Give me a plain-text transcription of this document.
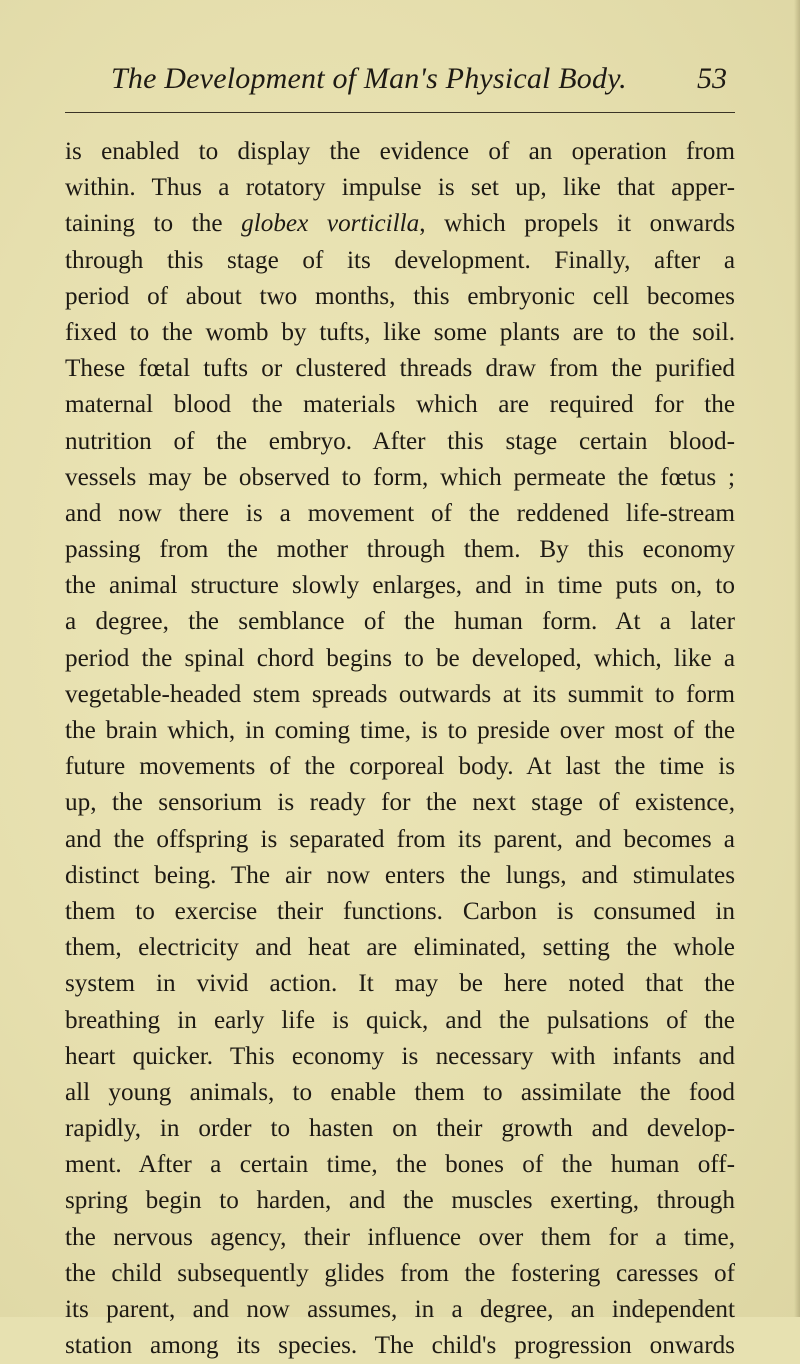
The Development of Man's Physical Body. 53
is enabled to display the evidence of an operation from
within. Thus a rotatory impulse is set up, like that apper-
taining to the globex vorticilla, which propels it onwards
through this stage of its development. Finally, after a
period of about two months, this embryonic cell becomes
fixed to the womb by tufts, like some plants are to the soil.
These fœtal tufts or clustered threads draw from the purified
maternal blood the materials which are required for the
nutrition of the embryo. After this stage certain blood-
vessels may be observed to form, which permeate the fœtus ;
and now there is a movement of the reddened life-stream
passing from the mother through them. By this economy
the animal structure slowly enlarges, and in time puts on, to
a degree, the semblance of the human form. At a later
period the spinal chord begins to be developed, which, like a
vegetable-headed stem spreads outwards at its summit to form
the brain which, in coming time, is to preside over most of the
future movements of the corporeal body. At last the time is
up, the sensorium is ready for the next stage of existence,
and the offspring is separated from its parent, and becomes a
distinct being. The air now enters the lungs, and stimulates
them to exercise their functions. Carbon is consumed in
them, electricity and heat are eliminated, setting the whole
system in vivid action. It may be here noted that the
breathing in early life is quick, and the pulsations of the
heart quicker. This economy is necessary with infants and
all young animals, to enable them to assimilate the food
rapidly, in order to hasten on their growth and develop-
ment. After a certain time, the bones of the human off-
spring begin to harden, and the muscles exerting, through
the nervous agency, their influence over them for a time,
the child subsequently glides from the fostering caresses of
its parent, and now assumes, in a degree, an independent
station among its species. The child's progression onwards
